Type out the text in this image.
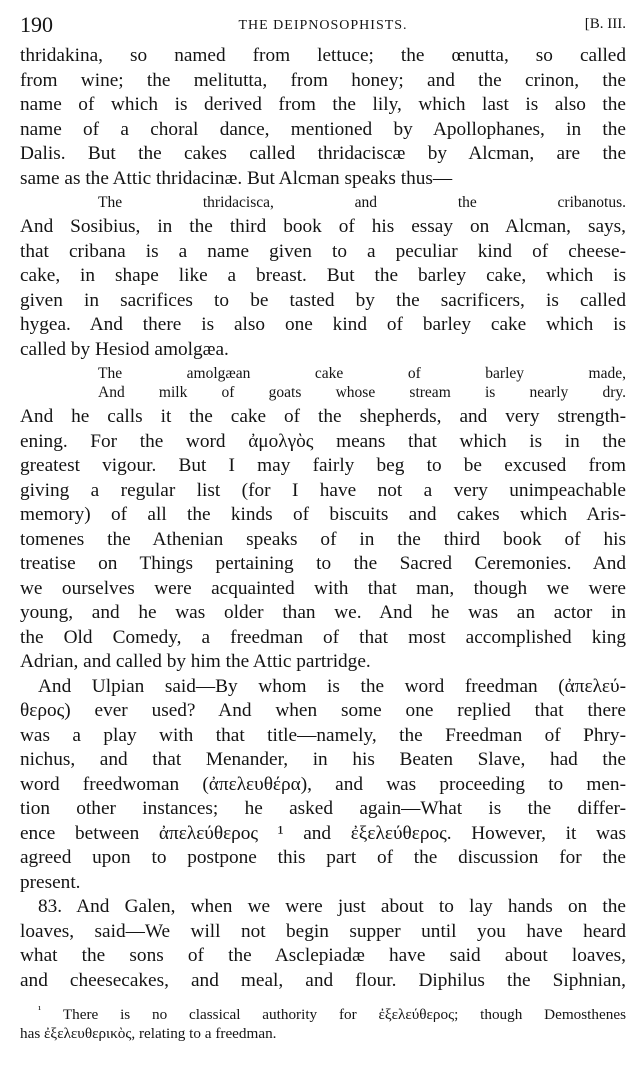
190	THE DEIPNOSOPHISTS.	[B. III.
thridakina, so named from lettuce; the œnutta, so called
from wine; the melitutta, from honey; and the crinon, the
name of which is derived from the lily, which last is also the
name of a choral dance, mentioned by Apollophanes, in the
Dalis. But the cakes called thridaciscæ by Alcman, are the
same as the Attic thridacinæ. But Alcman speaks thus—
The thridacisca, and the cribanotus.
And Sosibius, in the third book of his essay on Alcman, says,
that cribana is a name given to a peculiar kind of cheese-
cake, in shape like a breast. But the barley cake, which is
given in sacrifices to be tasted by the sacrificers, is called
hygea. And there is also one kind of barley cake which is
called by Hesiod amolgæa.
The amolgæan cake of barley made,
And milk of goats whose stream is nearly dry.
And he calls it the cake of the shepherds, and very strength-
ening. For the word ἀμολγὸς means that which is in the
greatest vigour. But I may fairly beg to be excused from
giving a regular list (for I have not a very unimpeachable
memory) of all the kinds of biscuits and cakes which Aris-
tomenes the Athenian speaks of in the third book of his
treatise on Things pertaining to the Sacred Ceremonies. And
we ourselves were acquainted with that man, though we were
young, and he was older than we. And he was an actor in
the Old Comedy, a freedman of that most accomplished king
Adrian, and called by him the Attic partridge.
And Ulpian said—By whom is the word freedman (ἀπελεύ-
θερος) ever used? And when some one replied that there
was a play with that title—namely, the Freedman of Phry-
nichus, and that Menander, in his Beaten Slave, had the
word freedwoman (ἀπελευθέρα), and was proceeding to men-
tion other instances; he asked again—What is the differ-
ence between ἀπελεύθερος ¹ and ἐξελεύθερος. However, it was
agreed upon to postpone this part of the discussion for the
present.
83. And Galen, when we were just about to lay hands on the
loaves, said—We will not begin supper until you have heard
what the sons of the Asclepiadæ have said about loaves,
and cheesecakes, and meal, and flour. Diphilus the Siphnian,
$^{^1}$ There is no classical authority for ἐξελεύθερος; though Demosthenes
has ἐξελευθερικὸς, relating to a freedman.
